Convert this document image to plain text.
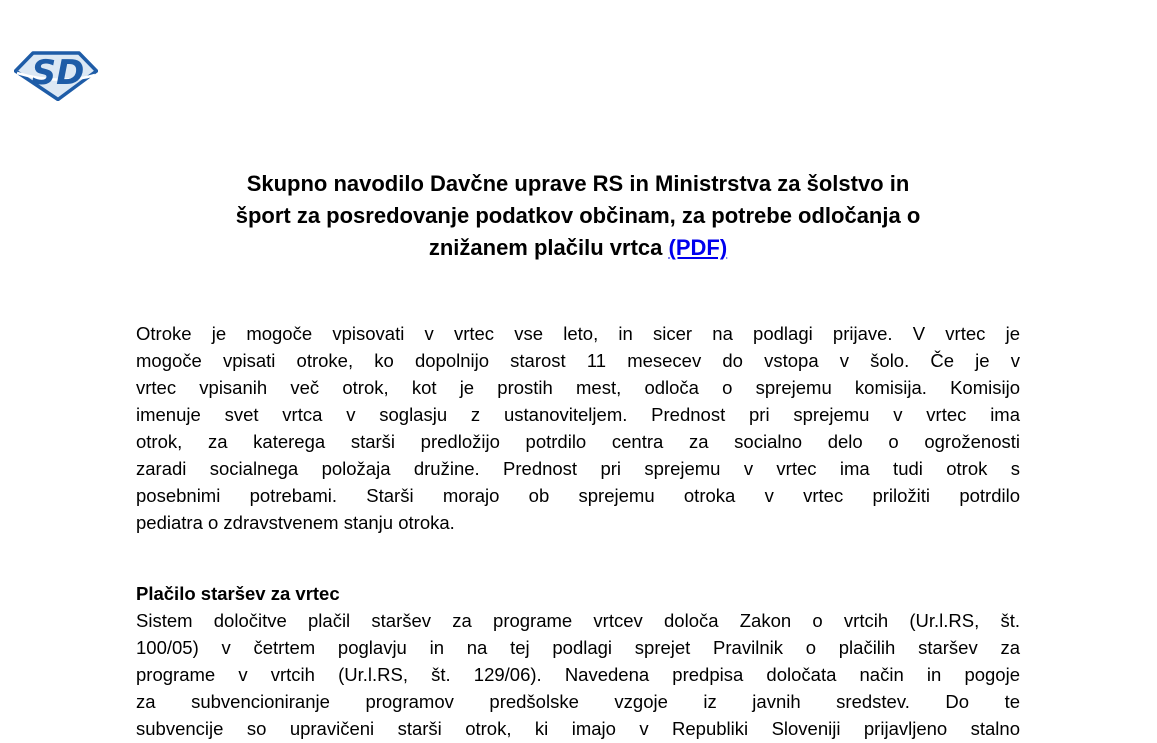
SD
Skupno navodilo Davčne uprave RS in Ministrstva za šolstvo in
šport za posredovanje podatkov občinam, za potrebe odločanja o
znižanem plačilu vrtca (PDF)
Otroke je mogoče vpisovati v vrtec vse leto, in sicer na podlagi prijave. V vrtec je
mogoče vpisati otroke, ko dopolnijo starost 11 mesecev do vstopa v šolo. Če je v
vrtec vpisanih več otrok, kot je prostih mest, odloča o sprejemu komisija. Komisijo
imenuje svet vrtca v soglasju z ustanoviteljem. Prednost pri sprejemu v vrtec ima
otrok, za katerega starši predložijo potrdilo centra za socialno delo o ogroženosti
zaradi socialnega položaja družine. Prednost pri sprejemu v vrtec ima tudi otrok s
posebnimi potrebami. Starši morajo ob sprejemu otroka v vrtec priložiti potrdilo
pediatra o zdravstvenem stanju otroka.
Plačilo staršev za vrtec
Sistem določitve plačil staršev za programe vrtcev določa Zakon o vrtcih (Ur.l.RS, št.
100/05) v četrtem poglavju in na tej podlagi sprejet Pravilnik o plačilih staršev za
programe v vrtcih (Ur.l.RS, št. 129/06). Navedena predpisa določata način in pogoje
za subvencioniranje programov predšolske vzgoje iz javnih sredstev. Do te
subvencije so upravičeni starši otrok, ki imajo v Republiki Sloveniji prijavljeno stalno
